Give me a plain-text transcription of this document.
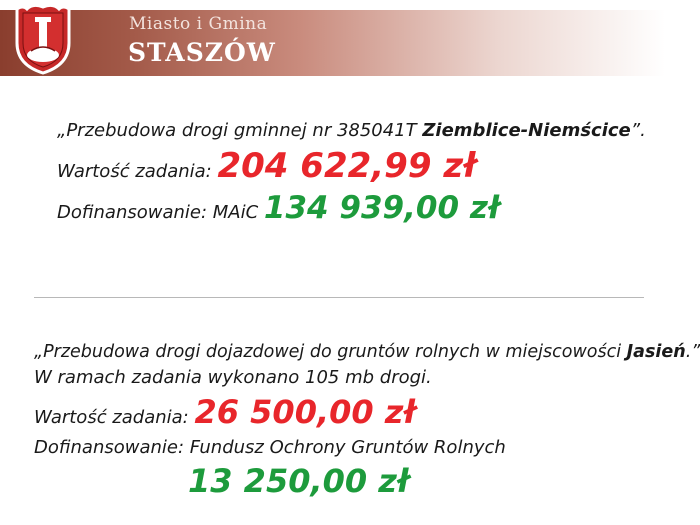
Miasto i Gmina
STASZÓW
„Przebudowa drogi gminnej nr 385041T Ziemblice-Niemścice”.
Wartość zadania: 204 622,99 zł
Dofinansowanie: MAiC 134 939,00 zł
„Przebudowa drogi dojazdowej do gruntów rolnych w miejscowości Jasień.”
W ramach zadania wykonano 105 mb drogi.
Wartość zadania: 26 500,00 zł
Dofinansowanie: Fundusz Ochrony Gruntów Rolnych
13 250,00 zł
